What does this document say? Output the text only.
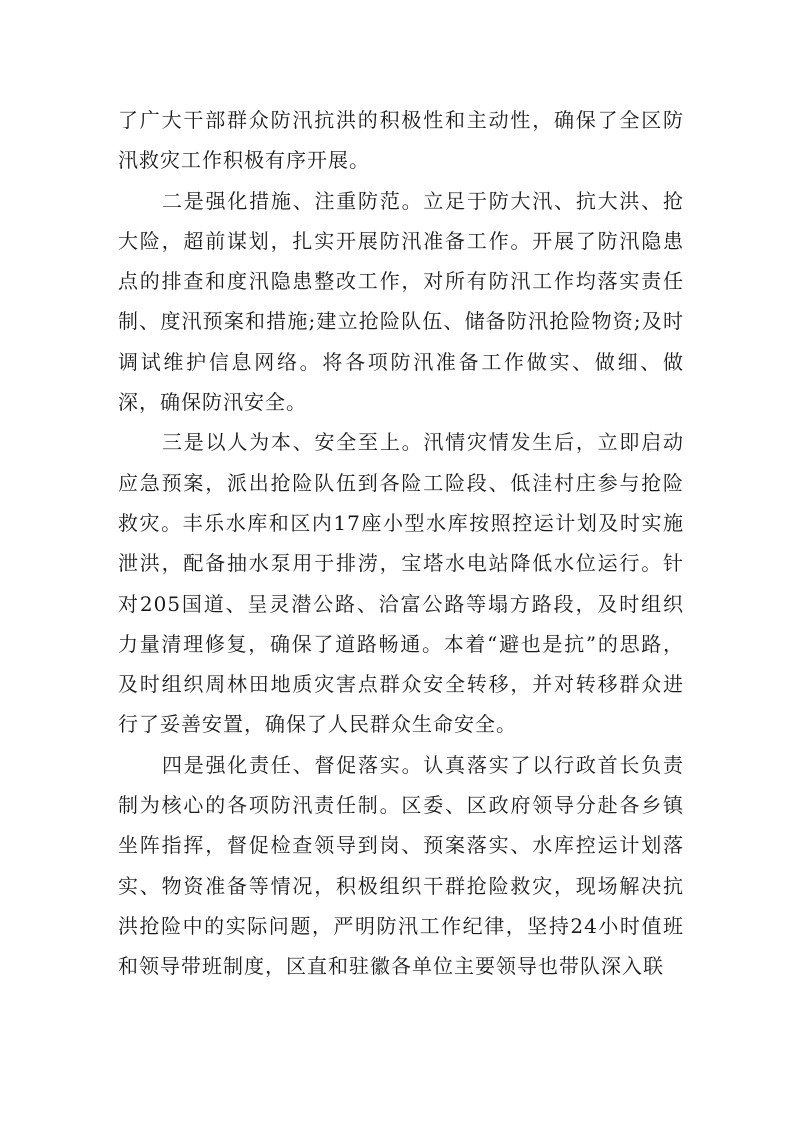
了广大干部群众防汛抗洪的积极性和主动性，确保了全区防汛救灾工作积极有序开展。

二是强化措施、注重防范。立足于防大汛、抗大洪、抢大险，超前谋划，扎实开展防汛准备工作。开展了防汛隐患点的排查和度汛隐患整改工作，对所有防汛工作均落实责任制、度汛预案和措施;建立抢险队伍、储备防汛抢险物资;及时调试维护信息网络。将各项防汛准备工作做实、做细、做深，确保防汛安全。

三是以人为本、安全至上。汛情灾情发生后，立即启动应急预案，派出抢险队伍到各险工险段、低洼村庄参与抢险救灾。丰乐水库和区内17座小型水库按照控运计划及时实施泄洪，配备抽水泵用于排涝，宝塔水电站降低水位运行。针对205国道、呈灵潜公路、洽富公路等塌方路段，及时组织力量清理修复，确保了道路畅通。本着“避也是抗”的思路，及时组织周林田地质灾害点群众安全转移，并对转移群众进行了妥善安置，确保了人民群众生命安全。

四是强化责任、督促落实。认真落实了以行政首长负责制为核心的各项防汛责任制。区委、区政府领导分赴各乡镇坐阵指挥，督促检查领导到岗、预案落实、水库控运计划落实、物资准备等情况，积极组织干群抢险救灾，现场解决抗洪抢险中的实际问题，严明防汛工作纪律，坚持24小时值班和领导带班制度，区直和驻徽各单位主要领导也带队深入联
